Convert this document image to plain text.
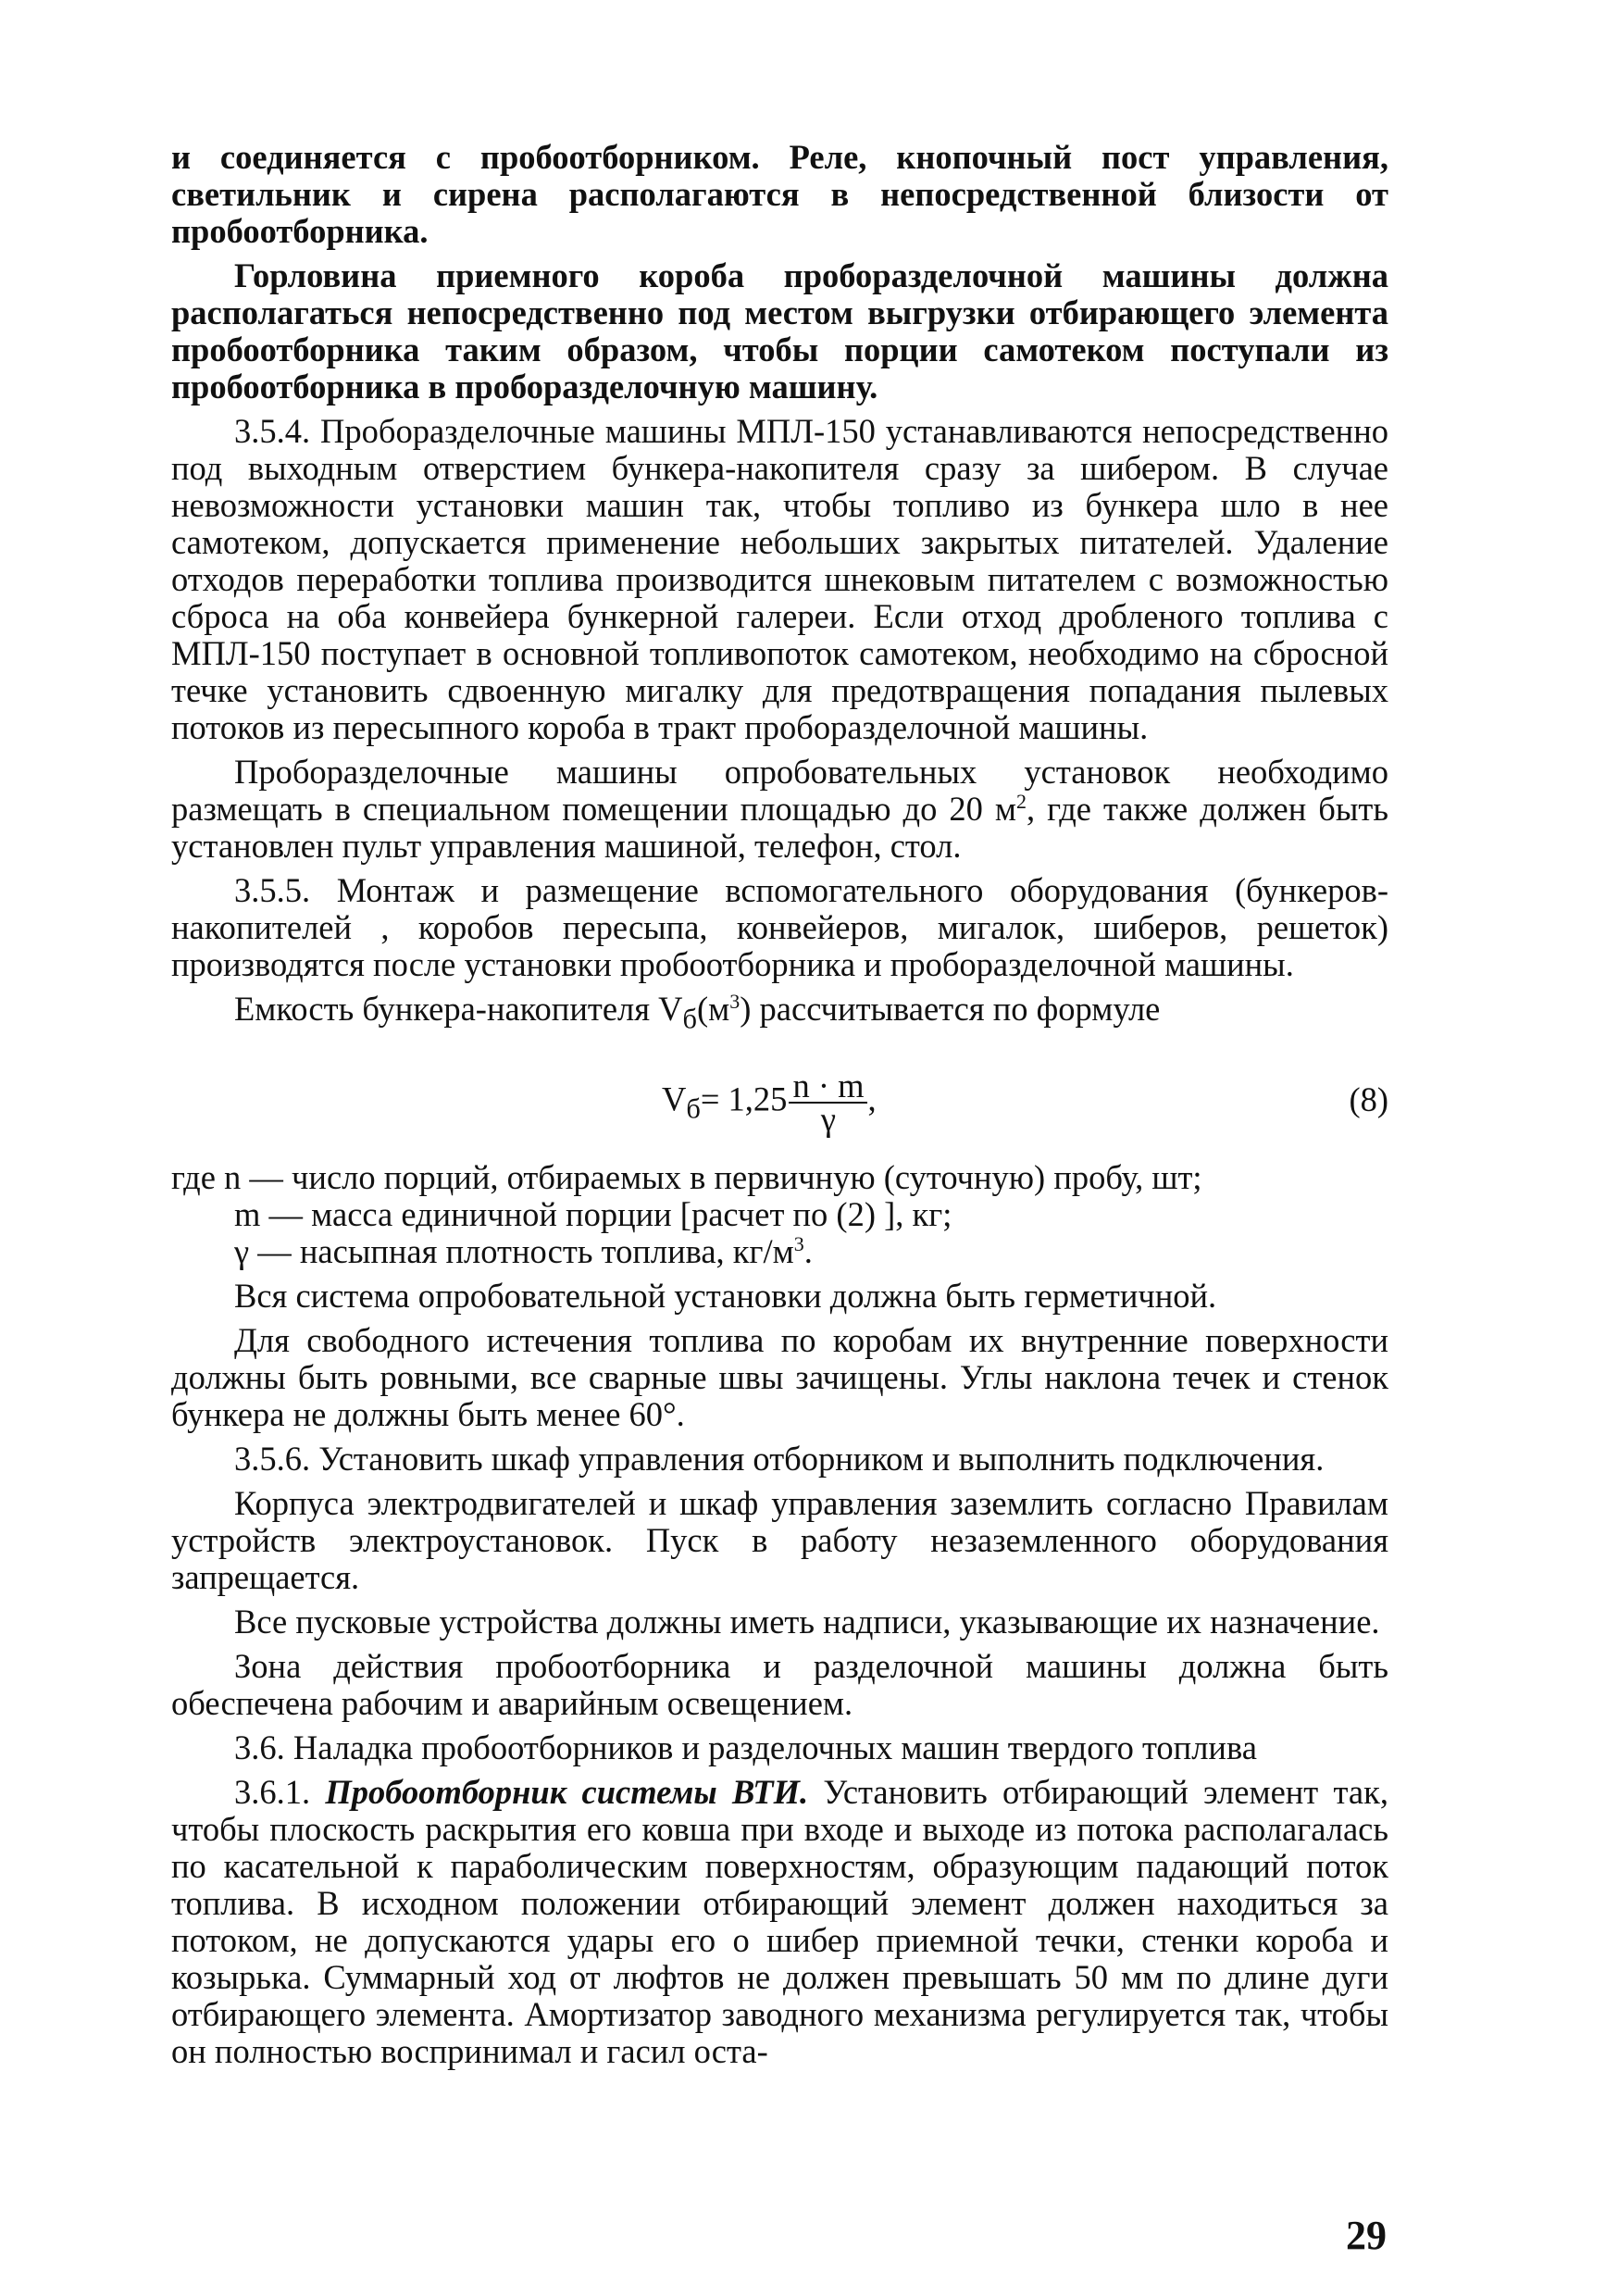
и соединяется с пробоотборником. Реле, кнопочный пост управления, светильник и сирена располагаются в непосредственной близости от пробоотборника.

Горловина приемного короба проборазделочной машины должна располагаться непосредственно под местом выгрузки отбирающего элемента пробоотборника таким образом, чтобы порции самотеком поступали из пробоотборника в проборазделочную машину.

3.5.4. Проборазделочные машины МПЛ-150 устанавливаются непосредственно под выходным отверстием бункера-накопителя сразу за шибером. В случае невозможности установки машин так, чтобы топливо из бункера шло в нее самотеком, допускается применение небольших закрытых питателей. Удаление отходов переработки топлива производится шнековым питателем с возможностью сброса на оба конвейера бункерной галереи. Если отход дробленого топлива с МПЛ-150 поступает в основной топливопоток самотеком, необходимо на сбросной течке установить сдвоенную мигалку для предотвращения попадания пылевых потоков из пересыпного короба в тракт проборазделочной машины.

Проборазделочные машины опробовательных установок необходимо размещать в специальном помещении площадью до 20 $м^2$, где также должен быть установлен пульт управления машиной, телефон, стол.

3.5.5. Монтаж и размещение вспомогательного оборудования (бункеров-накопителей , коробов пересыпа, конвейеров, мигалок, шиберов, решеток) производятся после установки пробоотборника и проборазделочной машины.

Емкость бункера-накопителя $V_б(м^3)$ рассчитывается по формуле

$V_б= 1,25 \frac{n \cdot m}{\gamma}$ ,	(8)
где n — число порций, отбираемых в первичную (суточную) пробу, шт;
m — масса единичной порции [расчет по (2) ], кг;
γ — насыпная плотность топлива, $кг/м^3$.

Вся система опробовательной установки должна быть герметичной.

Для свободного истечения топлива по коробам их внутренние поверхности должны быть ровными, все сварные швы зачищены. Углы наклона течек и стенок бункера не должны быть менее 60°.

3.5.6. Установить шкаф управления отборником и выполнить подключения.

Корпуса электродвигателей и шкаф управления заземлить согласно Правилам устройств электроустановок. Пуск в работу незаземленного оборудования запрещается.

Все пусковые устройства должны иметь надписи, указывающие их назначение.

Зона действия пробоотборника и разделочной машины должна быть обеспечена рабочим и аварийным освещением.

3.6. Наладка пробоотборников и разделочных машин твердого топлива

3.6.1. Пробоотборник системы ВТИ. Установить отбирающий элемент так, чтобы плоскость раскрытия его ковша при входе и выходе из потока располагалась по касательной к параболическим поверхностям, образующим падающий поток топлива. В исходном положении отбирающий элемент должен находиться за потоком, не допускаются удары его о шибер приемной течки, стенки короба и козырька. Суммарный ход от люфтов не должен превышать 50 мм по длине дуги отбирающего элемента. Амортизатор заводного механизма регулируется так, чтобы он полностью воспринимал и гасил оста-

29
